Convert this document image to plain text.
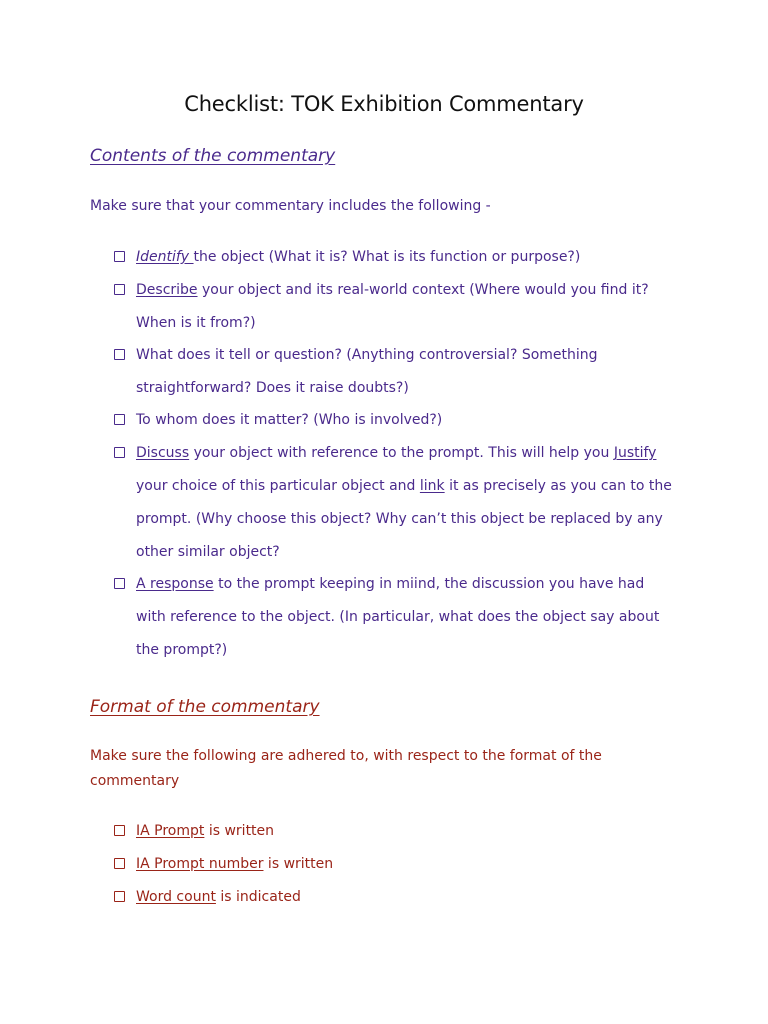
Checklist: TOK Exhibition Commentary
Contents of the commentary
Make sure that your commentary includes the following -
Identify the object (What it is? What is its function or purpose?)
Describe your object and its real-world context (Where would you find it? When is it from?)
What does it tell or question? (Anything controversial? Something straightforward? Does it raise doubts?)
To whom does it matter? (Who is involved?)
Discuss your object with reference to the prompt. This will help you Justify your choice of this particular object and link it as precisely as you can to the prompt. (Why choose this object? Why can’t this object be replaced by any other similar object?
A response to the prompt keeping in miind, the discussion you have had with reference to the object. (In particular, what does the object say about the prompt?)
Format of the commentary
Make sure the following are adhered to, with respect to the format of the commentary
IA Prompt is written
IA Prompt number is written
Word count is indicated
